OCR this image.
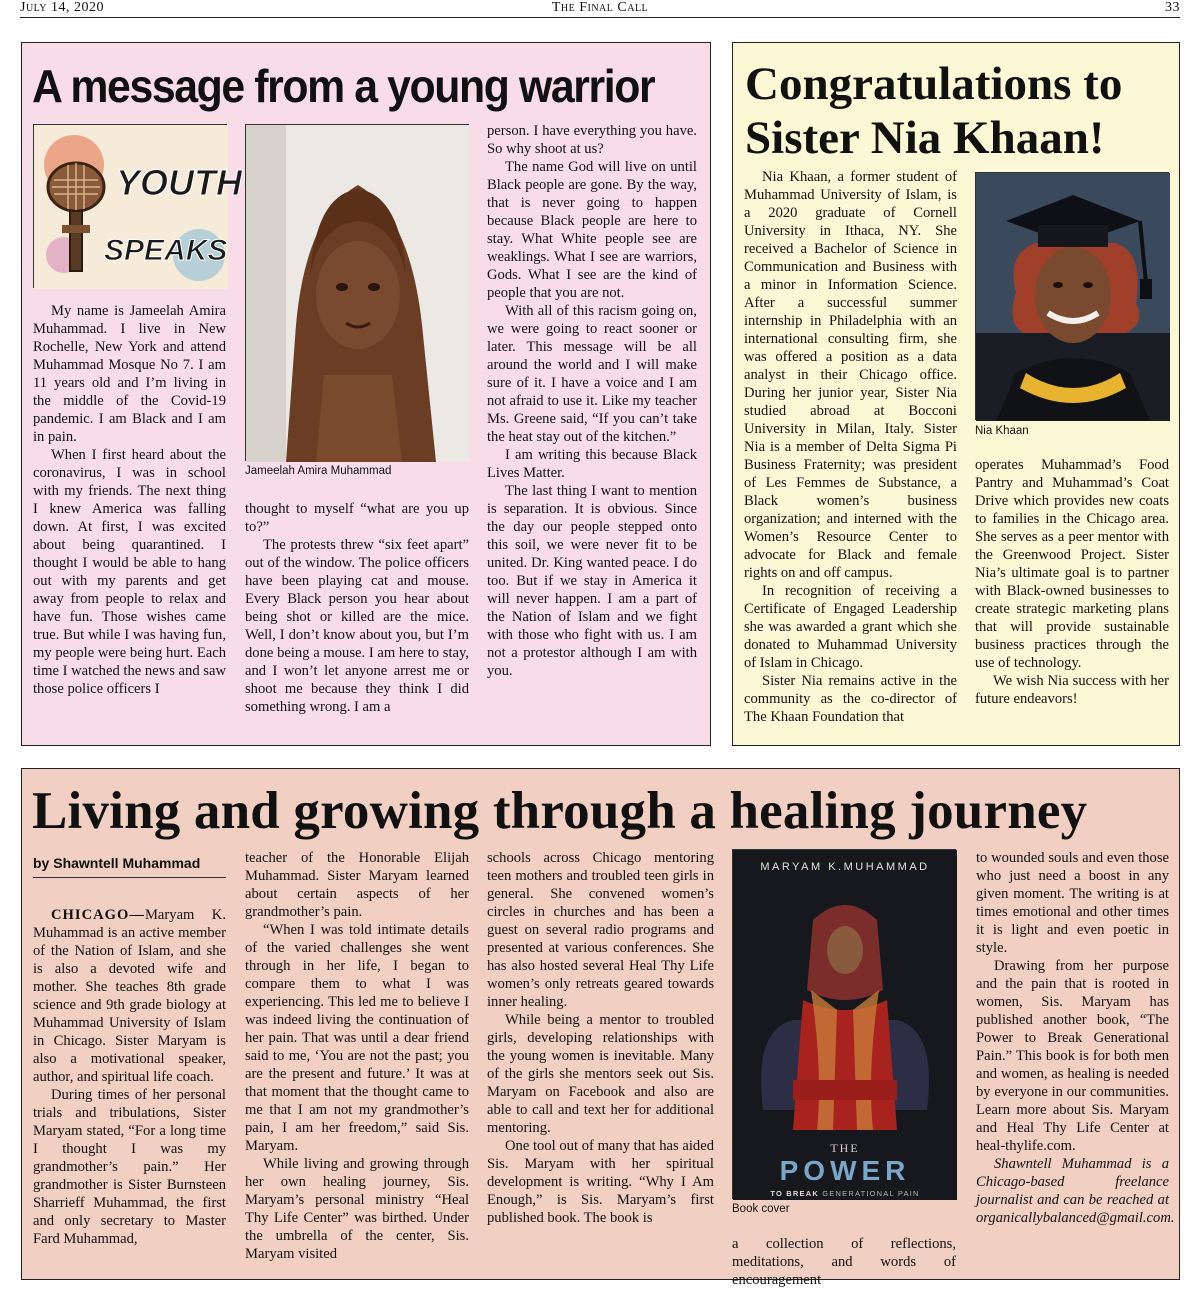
July 14, 2020	The Final Call	33
A message from a young warrior
YOUTH
SPEAKS

My name is Jameelah Amira Muhammad. I live in New Rochelle, New York and attend Muhammad Mosque No 7. I am 11 years old and I’m living in the middle of the Covid-19 pandemic. I am Black and I am in pain.

When I first heard about the coronavirus, I was in school with my friends. The next thing I knew America was falling down. At first, I was excited about being quarantined. I thought I would be able to hang out with my parents and get away from people to relax and have fun. Those wishes came true. But while I was having fun, my people were being hurt. Each time I watched the news and saw those police officers I

Jameelah Amira Muhammad

thought to myself “what are you up to?”

The protests threw “six feet apart” out of the window. The police officers have been playing cat and mouse. Every Black person you hear about being shot or killed are the mice. Well, I don’t know about you, but I’m done being a mouse. I am here to stay, and I won’t let anyone arrest me or shoot me because they think I did something wrong. I am a

person. I have everything you have. So why shoot at us?

The name God will live on until Black people are gone. By the way, that is never going to happen because Black people are here to stay. What White people see are weaklings. What I see are warriors, Gods. What I see are the kind of people that you are not.

With all of this racism going on, we were going to react sooner or later. This message will be all around the world and I will make sure of it. I have a voice and I am not afraid to use it. Like my teacher Ms. Greene said, “If you can’t take the heat stay out of the kitchen.”

I am writing this because Black Lives Matter.

The last thing I want to mention is separation. It is obvious. Since the day our people stepped onto this soil, we were never fit to be united. Dr. King wanted peace. I do too. But if we stay in America it will never happen. I am a part of the Nation of Islam and we fight with those who fight with us. I am not a protestor although I am with you.

Congratulations to Sister Nia Khaan!

Nia Khaan, a former student of Muhammad University of Islam, is a 2020 graduate of Cornell University in Ithaca, NY. She received a Bachelor of Science in Communication and Business with a minor in Information Science. After a successful summer internship in Philadelphia with an international consulting firm, she was offered a position as a data analyst in their Chicago office. During her junior year, Sister Nia studied abroad at Bocconi University in Milan, Italy. Sister Nia is a member of Delta Sigma Pi Business Fraternity; was president of Les Femmes de Substance, a Black women’s business organization; and interned with the Women’s Resource Center to advocate for Black and female rights on and off campus.

In recognition of receiving a Certificate of Engaged Leadership she was awarded a grant which she donated to Muhammad University of Islam in Chicago.

Sister Nia remains active in the community as the co-director of The Khaan Foundation that

Nia Khaan

operates Muhammad’s Food Pantry and Muhammad’s Coat Drive which provides new coats to families in the Chicago area. She serves as a peer mentor with the Greenwood Project. Sister Nia’s ultimate goal is to partner with Black-owned businesses to create strategic marketing plans that will provide sustainable business practices through the use of technology.

We wish Nia success with her future endeavors!

Living and growing through a healing journey
by Shawntell Muhammad

CHICAGO—Maryam K. Muhammad is an active member of the Nation of Islam, and she is also a devoted wife and mother. She teaches 8th grade science and 9th grade biology at Muhammad University of Islam in Chicago. Sister Maryam is also a motivational speaker, author, and spiritual life coach.

During times of her personal trials and tribulations, Sister Maryam stated, “For a long time I thought I was my grandmother’s pain.” Her grandmother is Sister Burnsteen Sharrieff Muhammad, the first and only secretary to Master Fard Muhammad,

teacher of the Honorable Elijah Muhammad. Sister Maryam learned about certain aspects of her grandmother’s pain.

“When I was told intimate details of the varied challenges she went through in her life, I began to compare them to what I was experiencing. This led me to believe I was indeed living the continuation of her pain. That was until a dear friend said to me, ‘You are not the past; you are the present and future.’ It was at that moment that the thought came to me that I am not my grandmother’s pain, I am her freedom,” said Sis. Maryam.

While living and growing through her own healing journey, Sis. Maryam’s personal ministry “Heal Thy Life Center” was birthed. Under the umbrella of the center, Sis. Maryam visited

schools across Chicago mentoring teen mothers and troubled teen girls in general. She convened women’s circles in churches and has been a guest on several radio programs and presented at various conferences. She has also hosted several Heal Thy Life women’s only retreats geared towards inner healing.

While being a mentor to troubled girls, developing relationships with the young women is inevitable. Many of the girls she mentors seek out Sis. Maryam on Facebook and also are able to call and text her for additional mentoring.

One tool out of many that has aided Sis. Maryam with her spiritual development is writing. “Why I Am Enough,” is Sis. Maryam’s first published book. The book is

MARYAM K.MUHAMMAD
THE
POWER
TO BREAK GENERATIONAL PAIN
Book cover

a collection of reflections, meditations, and words of encouragement

to wounded souls and even those who just need a boost in any given moment. The writing is at times emotional and other times it is light and even poetic in style.

Drawing from her purpose and the pain that is rooted in women, Sis. Maryam has published another book, “The Power to Break Generational Pain.” This book is for both men and women, as healing is needed by everyone in our communities. Learn more about Sis. Maryam and Heal Thy Life Center at heal-thylife.com.

Shawntell Muhammad is a Chicago-based freelance journalist and can be reached at organicallybalanced@gmail.com.
